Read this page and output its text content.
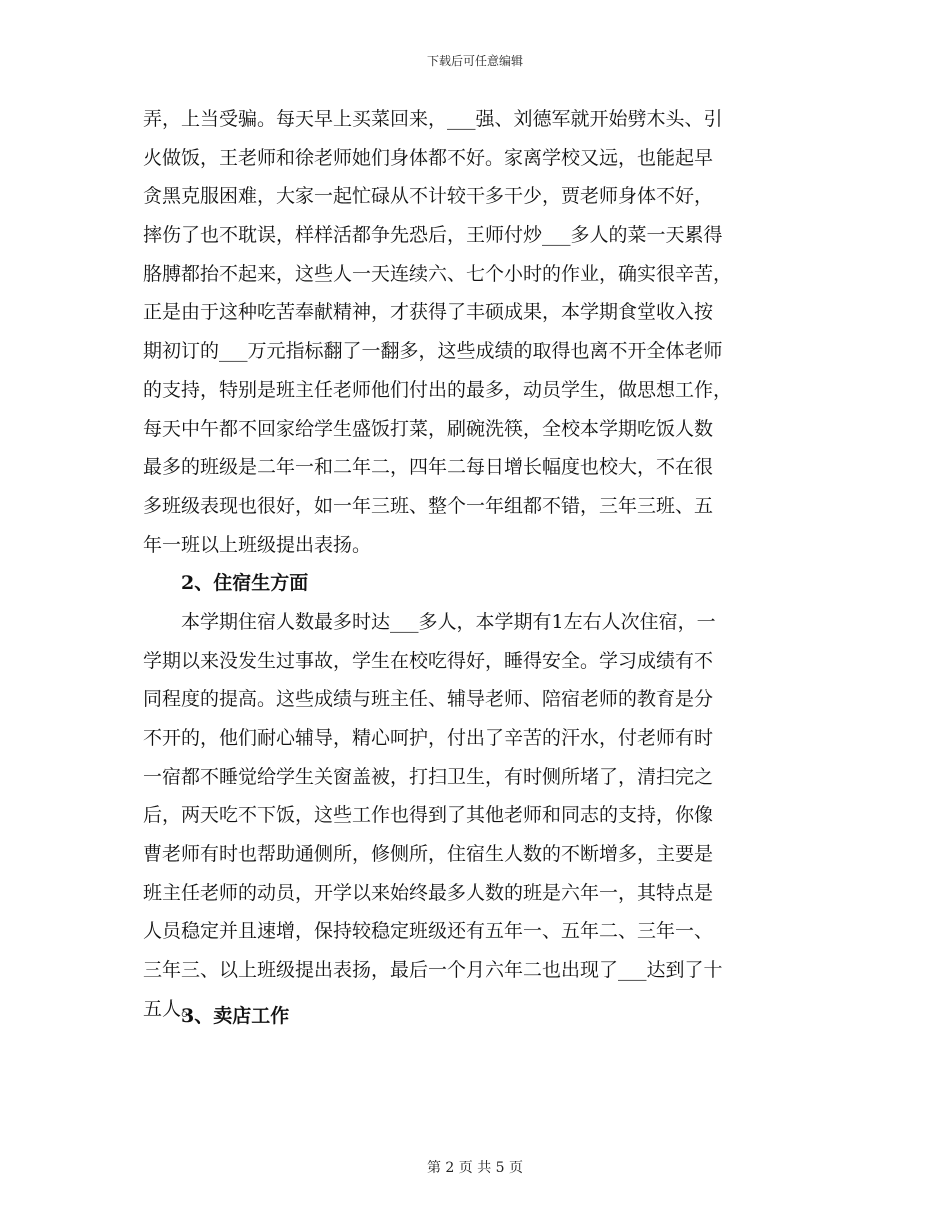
下载后可任意编辑
弄，上当受骗。每天早上买菜回来，___强、刘德军就开始劈木头、引
火做饭，王老师和徐老师她们身体都不好。家离学校又远，也能起早
贪黑克服困难，大家一起忙碌从不计较干多干少，贾老师身体不好，
摔伤了也不耽误，样样活都争先恐后，王师付炒___多人的菜一天累得
胳膊都抬不起来，这些人一天连续六、七个小时的作业，确实很辛苦，
正是由于这种吃苦奉献精神，才获得了丰硕成果，本学期食堂收入按
期初订的___万元指标翻了一翻多，这些成绩的取得也离不开全体老师
的支持，特别是班主任老师他们付出的最多，动员学生，做思想工作，
每天中午都不回家给学生盛饭打菜，刷碗洗筷，全校本学期吃饭人数
最多的班级是二年一和二年二，四年二每日增长幅度也校大，不在很
多班级表现也很好，如一年三班、整个一年组都不错，三年三班、五
年一班以上班级提出表扬。
2、住宿生方面
本学期住宿人数最多时达___多人，本学期有1左右人次住宿，一
学期以来没发生过事故，学生在校吃得好，睡得安全。学习成绩有不
同程度的提高。这些成绩与班主任、辅导老师、陪宿老师的教育是分
不开的，他们耐心辅导，精心呵护，付出了辛苦的汗水，付老师有时
一宿都不睡觉给学生关窗盖被，打扫卫生，有时侧所堵了，清扫完之
后，两天吃不下饭，这些工作也得到了其他老师和同志的支持，你像
曹老师有时也帮助通侧所，修侧所，住宿生人数的不断增多，主要是
班主任老师的动员，开学以来始终最多人数的班是六年一，其特点是
人员稳定并且速增，保持较稳定班级还有五年一、五年二、三年一、
三年三、以上班级提出表扬，最后一个月六年二也出现了___达到了十
五人。
3、卖店工作
第 2 页 共 5 页
